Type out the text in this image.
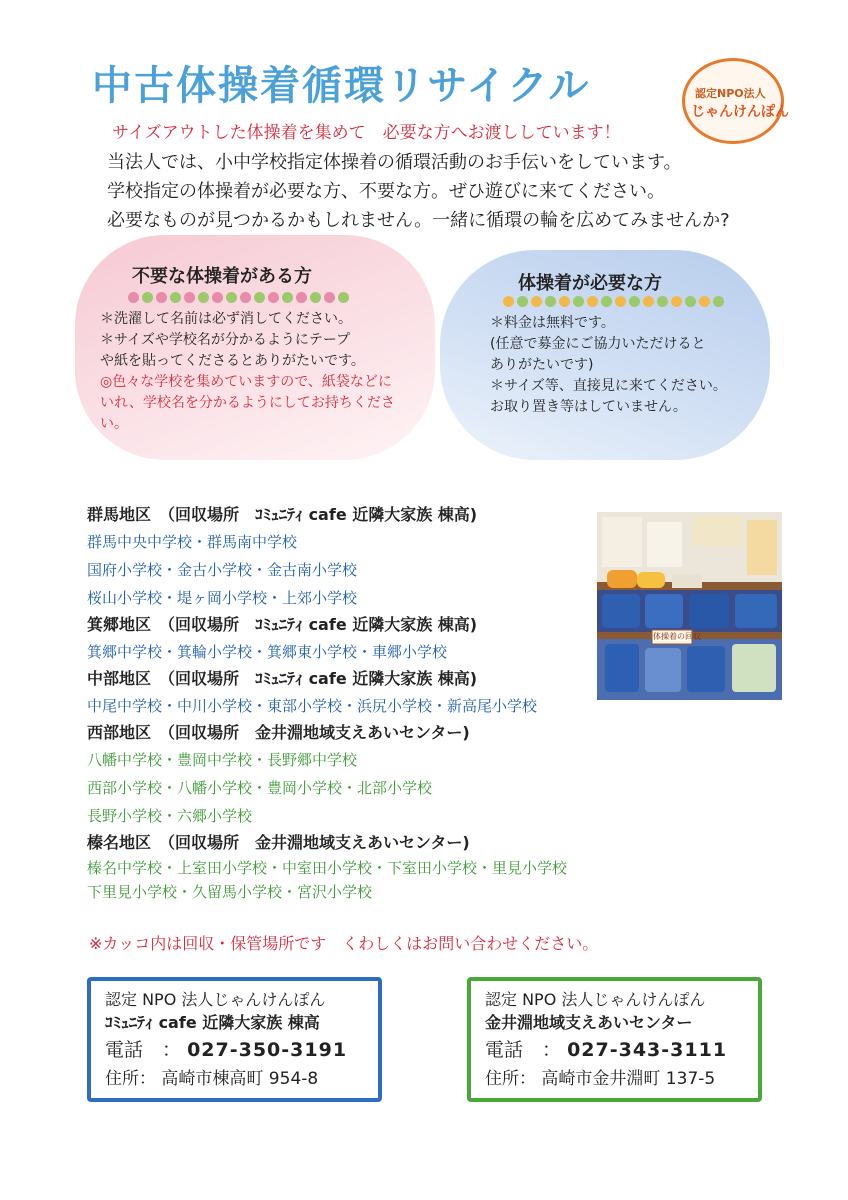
中古体操着循環リサイクル	認定NPO法人
じゃんけんぽん
サイズアウトした体操着を集めて　必要な方へお渡ししています！
当法人では、小中学校指定体操着の循環活動のお手伝いをしています。
学校指定の体操着が必要な方、不要な方。ぜひ遊びに来てください。
必要なものが見つかるかもしれません。一緒に循環の輪を広めてみませんか?
不要な体操着がある方
＊洗濯して名前は必ず消してください。
＊サイズや学校名が分かるようにテープ
や紙を貼ってくださるとありがたいです。
◎色々な学校を集めていますので、紙袋などに
いれ、学校名を分かるようにしてお持ちくださ
い。
体操着が必要な方
＊料金は無料です。
(任意で募金にご協力いただけると
ありがたいです)
＊サイズ等、直接見に来てください。
お取り置き等はしていません。
群馬地区　（回収場所　ｺﾐｭﾆﾃｨ cafe 近隣大家族 棟高)
群馬中央中学校・群馬南中学校
国府小学校・金古小学校・金古南小学校
桜山小学校・堤ヶ岡小学校・上郊小学校
箕郷地区　（回収場所　ｺﾐｭﾆﾃｨ cafe 近隣大家族 棟高)
箕郷中学校・箕輪小学校・箕郷東小学校・車郷小学校
中部地区　（回収場所　ｺﾐｭﾆﾃｨ cafe 近隣大家族 棟高)
中尾中学校・中川小学校・東部小学校・浜尻小学校・新高尾小学校
西部地区　（回収場所　金井淵地域支えあいセンター)
八幡中学校・豊岡中学校・長野郷中学校
西部小学校・八幡小学校・豊岡小学校・北部小学校
長野小学校・六郷小学校
榛名地区　（回収場所　金井淵地域支えあいセンター)
榛名中学校・上室田小学校・中室田小学校・下室田小学校・里見小学校
下里見小学校・久留馬小学校・宮沢小学校
体操着の回収
※カッコ内は回収・保管場所です　くわしくはお問い合わせください。
認定 NPO 法人じゃんけんぽん
ｺﾐｭﾆﾃｨ cafe 近隣大家族 棟高
電話　： 027-350-3191
住所： 高崎市棟高町 954-8
認定 NPO 法人じゃんけんぽん
金井淵地域支えあいセンター
電話　： 027-343-3111
住所： 高崎市金井淵町 137-5
